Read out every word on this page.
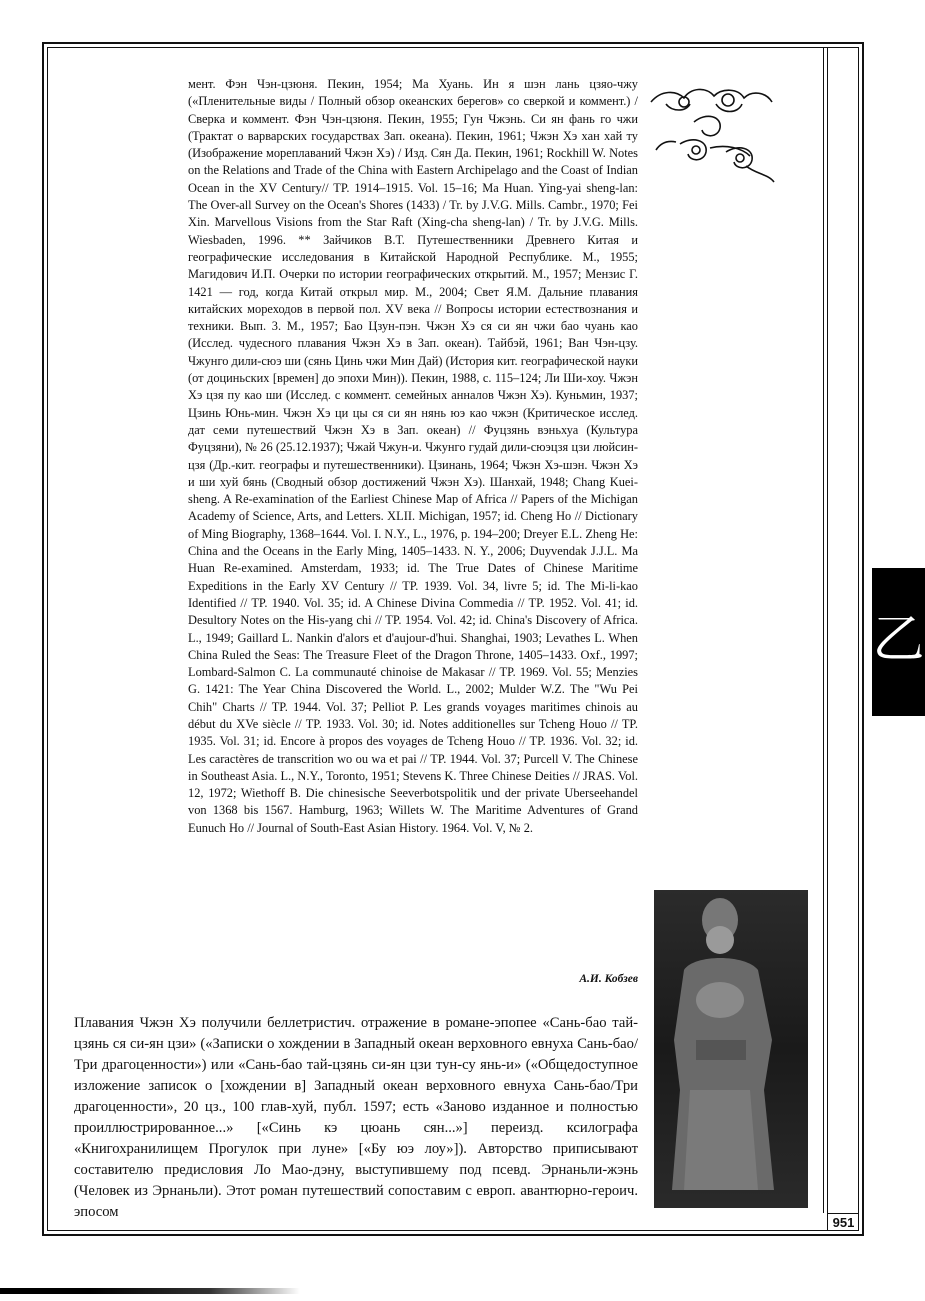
мент. Фэн Чэн-цзюня. Пекин, 1954; Ма Хуань. Ин я шэн лань цзяо-чжу («Пленительные виды / Полный обзор океанских берегов» со сверкой и коммент.) / Сверка и коммент. Фэн Чэн-цзюня. Пекин, 1955; Гун Чжэнь. Си ян фань го чжи (Трактат о варварских государствах Зап. океана). Пекин, 1961; Чжэн Хэ хан хай ту (Изображение мореплаваний Чжэн Хэ) / Изд. Сян Да. Пекин, 1961; Rockhill W. Notes on the Relations and Trade of the China with Eastern Archipelago and the Coast of Indian Ocean in the XV Century// TP. 1914–1915. Vol. 15–16; Ma Huan. Ying-yai sheng-lan: The Over-all Survey on the Ocean's Shores (1433) / Tr. by J.V.G. Mills. Cambr., 1970; Fei Xin. Marvellous Visions from the Star Raft (Xing-cha sheng-lan) / Tr. by J.V.G. Mills. Wiesbaden, 1996. ** Зайчиков В.Т. Путешественники Древнего Китая и географические исследования в Китайской Народной Республике. М., 1955; Магидович И.П. Очерки по истории географических открытий. М., 1957; Мензис Г. 1421 — год, когда Китай открыл мир. М., 2004; Свет Я.М. Дальние плавания китайских мореходов в первой пол. XV века // Вопросы истории естествознания и техники. Вып. 3. М., 1957; Бао Цзун-пэн. Чжэн Хэ ся си ян чжи бао чуань као (Исслед. чудесного плавания Чжэн Хэ в Зап. океан). Тайбэй, 1961; Ван Чэн-цзу. Чжунго дили-сюэ ши (сянь Цинь чжи Мин Дай) (История кит. географической науки (от доциньских [времен] до эпохи Мин)). Пекин, 1988, с. 115–124; Ли Ши-хоу. Чжэн Хэ цзя пу као ши (Исслед. с коммент. семейных анналов Чжэн Хэ). Куньмин, 1937; Цзинь Юнь-мин. Чжэн Хэ ци цы ся си ян нянь юэ као чжэн (Критическое исслед. дат семи путешествий Чжэн Хэ в Зап. океан) // Фуцзянь вэньхуа (Культура Фуцзяни), № 26 (25.12.1937); Чжай Чжун-и. Чжунго гудай дили-сюэцзя цзи люйсин-цзя (Др.-кит. географы и путешественники). Цзинань, 1964; Чжэн Хэ-шэн. Чжэн Хэ и ши хуй бянь (Сводный обзор достижений Чжэн Хэ). Шанхай, 1948; Chang Kuei-sheng. A Re-examination of the Earliest Chinese Map of Africa // Papers of the Michigan Academy of Science, Arts, and Letters. XLII. Michigan, 1957; id. Cheng Ho // Dictionary of Ming Biography, 1368–1644. Vol. I. N.Y., L., 1976, p. 194–200; Dreyer E.L. Zheng He: China and the Oceans in the Early Ming, 1405–1433. N. Y., 2006; Duyvendak J.J.L. Ma Huan Re-examined. Amsterdam, 1933; id. The True Dates of Chinese Maritime Expeditions in the Early XV Century // TP. 1939. Vol. 34, livre 5; id. The Mi-li-kao Identified // TP. 1940. Vol. 35; id. A Chinese Divina Commedia // TP. 1952. Vol. 41; id. Desultory Notes on the His-yang chi // TP. 1954. Vol. 42; id. China's Discovery of Africa. L., 1949; Gaillard L. Nankin d'alors et d'aujour-d'hui. Shanghai, 1903; Levathes L. When China Ruled the Seas: The Treasure Fleet of the Dragon Throne, 1405–1433. Oxf., 1997; Lombard-Salmon C. La communauté chinoise de Makasar // TP. 1969. Vol. 55; Menzies G. 1421: The Year China Discovered the World. L., 2002; Mulder W.Z. The "Wu Pei Chih" Charts // TP. 1944. Vol. 37; Pelliot P. Les grands voyages maritimes chinois au début du XVe siècle // TP. 1933. Vol. 30; id. Notes additionelles sur Tcheng Houo // TP. 1935. Vol. 31; id. Encore à propos des voyages de Tcheng Houo // TP. 1936. Vol. 32; id. Les caractères de transcrition wo ou wa et pai // TP. 1944. Vol. 37; Purcell V. The Chinese in Southeast Asia. L., N.Y., Toronto, 1951; Stevens K. Three Chinese Deities // JRAS. Vol. 12, 1972; Wiethoff B. Die chinesische Seeverbotspolitik und der private Uberseehandel von 1368 bis 1567. Hamburg, 1963; Willets W. The Maritime Adventures of Grand Eunuch Ho // Journal of South-East Asian History. 1964. Vol. V, № 2.

А.И. Кобзев

Плавания Чжэн Хэ получили беллетристич. отражение в романе-эпопее «Сань-бао тай-цзянь ся си-ян цзи» («Записки о хождении в Западный океан верховного евнуха Сань-бао/Три драгоценности») или «Сань-бао тай-цзянь си-ян цзи тун-су янь-и» («Общедоступное изложение записок о [хождении в] Западный океан верховного евнуха Сань-бао/Три драгоценности», 20 цз., 100 глав-хуй, публ. 1597; есть «Заново изданное и полностью проиллюстрированное...» [«Синь кэ цюань сян...»] переизд. ксилографа «Книгохранилищем Прогулок при луне» [«Бу юэ лоу»]). Авторство приписывают составителю предисловия Ло Мао-дэну, выступившему под псевд. Эрнаньли-жэнь (Человек из Эрнаньли). Этот роман путешествий сопоставим с европ. авантюрно-героич. эпосом

乙
951
